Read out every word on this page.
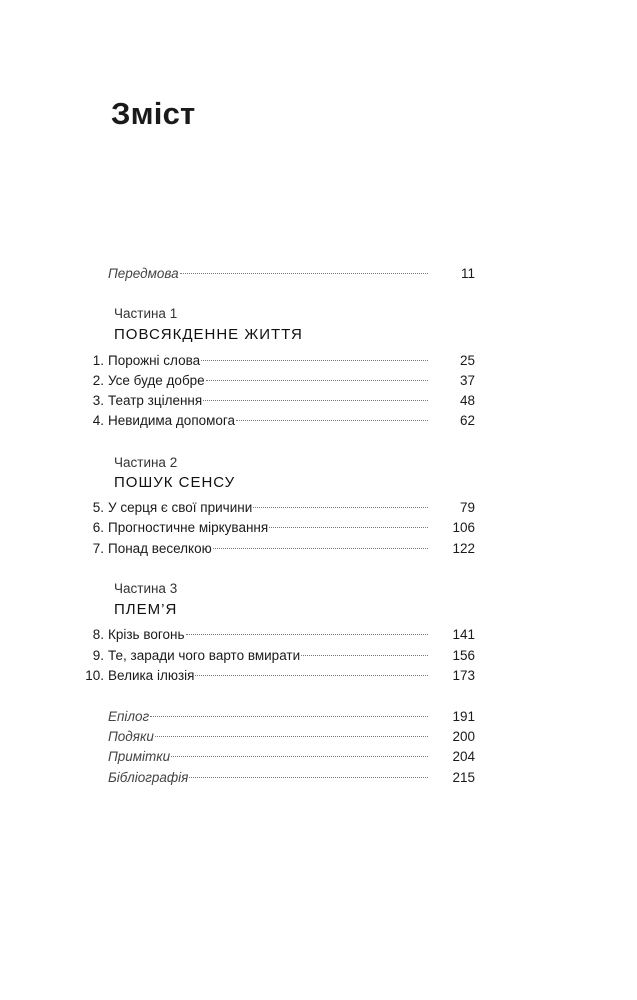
Зміст
Передмова	11
Частина 1
ПОВСЯКДЕННЕ ЖИТТЯ
1. Порожні слова	25
2. Усе буде добре	37
3. Театр зцілення	48
4. Невидима допомога	62
Частина 2
ПОШУК СЕНСУ
5. У серця є свої причини	79
6. Прогностичне міркування	106
7. Понад веселкою	122
Частина 3
ПЛЕМ’Я
8. Крізь вогонь	141
9. Те, заради чого варто вмирати	156
10. Велика ілюзія	173
Епілог	191
Подяки	200
Примітки	204
Бібліографія	215
